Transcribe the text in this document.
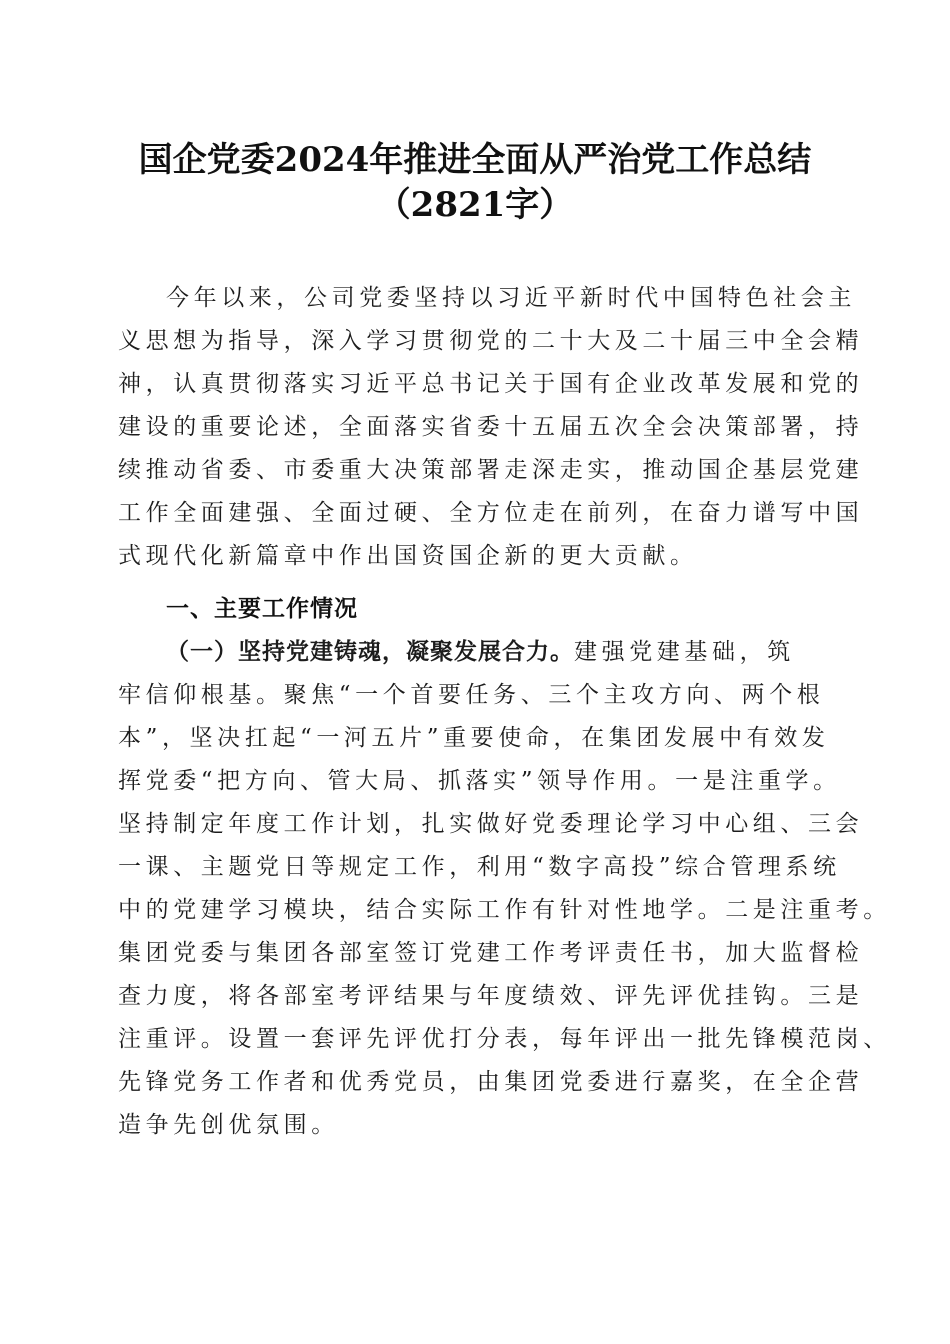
国企党委2024年推进全面从严治党工作总结
（2821字）
今年以来，公司党委坚持以习近平新时代中国特色社会主
义思想为指导，深入学习贯彻党的二十大及二十届三中全会精
神，认真贯彻落实习近平总书记关于国有企业改革发展和党的
建设的重要论述，全面落实省委十五届五次全会决策部署，持
续推动省委、市委重大决策部署走深走实，推动国企基层党建
工作全面建强、全面过硬、全方位走在前列，在奋力谱写中国
式现代化新篇章中作出国资国企新的更大贡献。
一、主要工作情况
（一）坚持党建铸魂，凝聚发展合力。建强党建基础，筑
牢信仰根基。聚焦“一个首要任务、三个主攻方向、两个根
本”，坚决扛起“一河五片”重要使命，在集团发展中有效发
挥党委“把方向、管大局、抓落实”领导作用。一是注重学。
坚持制定年度工作计划，扎实做好党委理论学习中心组、三会
一课、主题党日等规定工作，利用“数字高投”综合管理系统
中的党建学习模块，结合实际工作有针对性地学。二是注重考。
集团党委与集团各部室签订党建工作考评责任书，加大监督检
查力度，将各部室考评结果与年度绩效、评先评优挂钩。三是
注重评。设置一套评先评优打分表，每年评出一批先锋模范岗、
先锋党务工作者和优秀党员，由集团党委进行嘉奖，在全企营
造争先创优氛围。
